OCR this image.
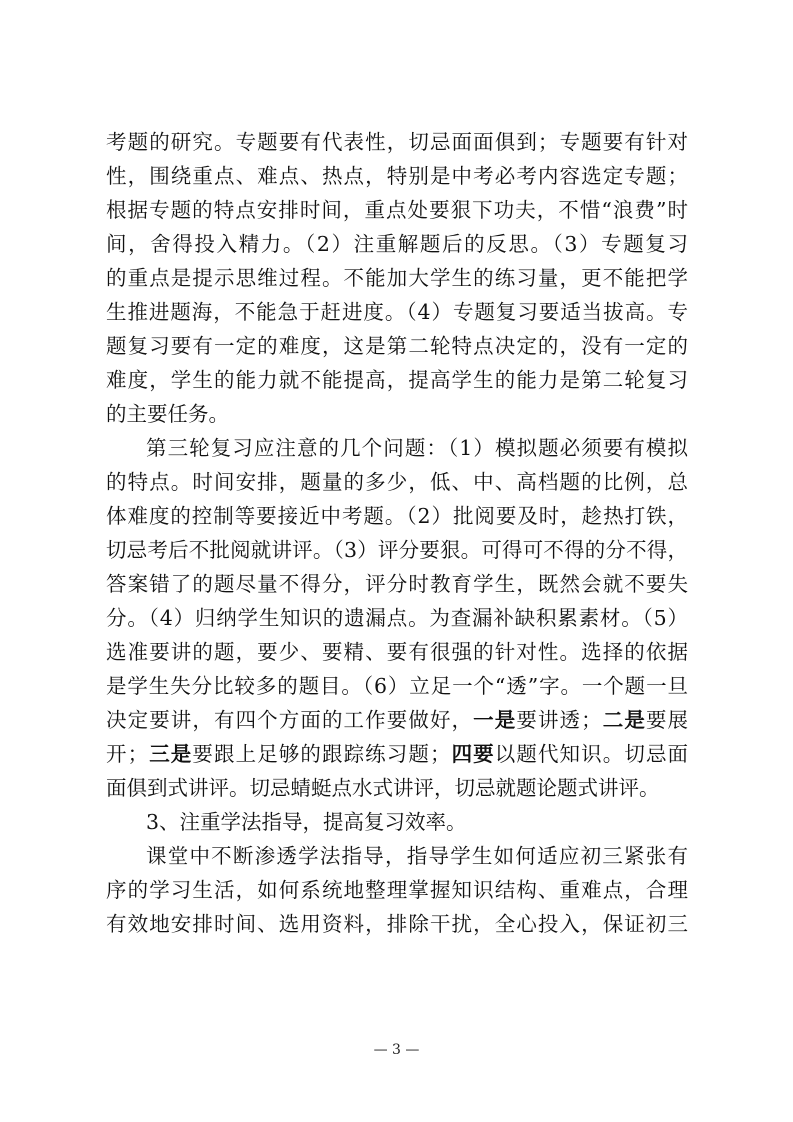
考题的研究。专题要有代表性，切忌面面俱到；专题要有针对
性，围绕重点、难点、热点，特别是中考必考内容选定专题；
根据专题的特点安排时间，重点处要狠下功夫，不惜“浪费”时
间，舍得投入精力。（2）注重解题后的反思。（3）专题复习
的重点是提示思维过程。不能加大学生的练习量，更不能把学
生推进题海，不能急于赶进度。（4）专题复习要适当拔高。专
题复习要有一定的难度，这是第二轮特点决定的，没有一定的
难度，学生的能力就不能提高，提高学生的能力是第二轮复习
的主要任务。
第三轮复习应注意的几个问题：（1）模拟题必须要有模拟
的特点。时间安排，题量的多少，低、中、高档题的比例，总
体难度的控制等要接近中考题。（2）批阅要及时，趁热打铁，
切忌考后不批阅就讲评。（3）评分要狠。可得可不得的分不得，
答案错了的题尽量不得分，评分时教育学生，既然会就不要失
分。（4）归纳学生知识的遗漏点。为查漏补缺积累素材。（5）
选准要讲的题，要少、要精、要有很强的针对性。选择的依据
是学生失分比较多的题目。（6）立足一个“透”字。一个题一旦
决定要讲，有四个方面的工作要做好，一是要讲透；二是要展
开；三是要跟上足够的跟踪练习题；四要以题代知识。切忌面
面俱到式讲评。切忌蜻蜓点水式讲评，切忌就题论题式讲评。
3、注重学法指导，提高复习效率。
课堂中不断渗透学法指导，指导学生如何适应初三紧张有
序的学习生活，如何系统地整理掌握知识结构、重难点，合理
有效地安排时间、选用资料，排除干扰，全心投入，保证初三
— 3 —
